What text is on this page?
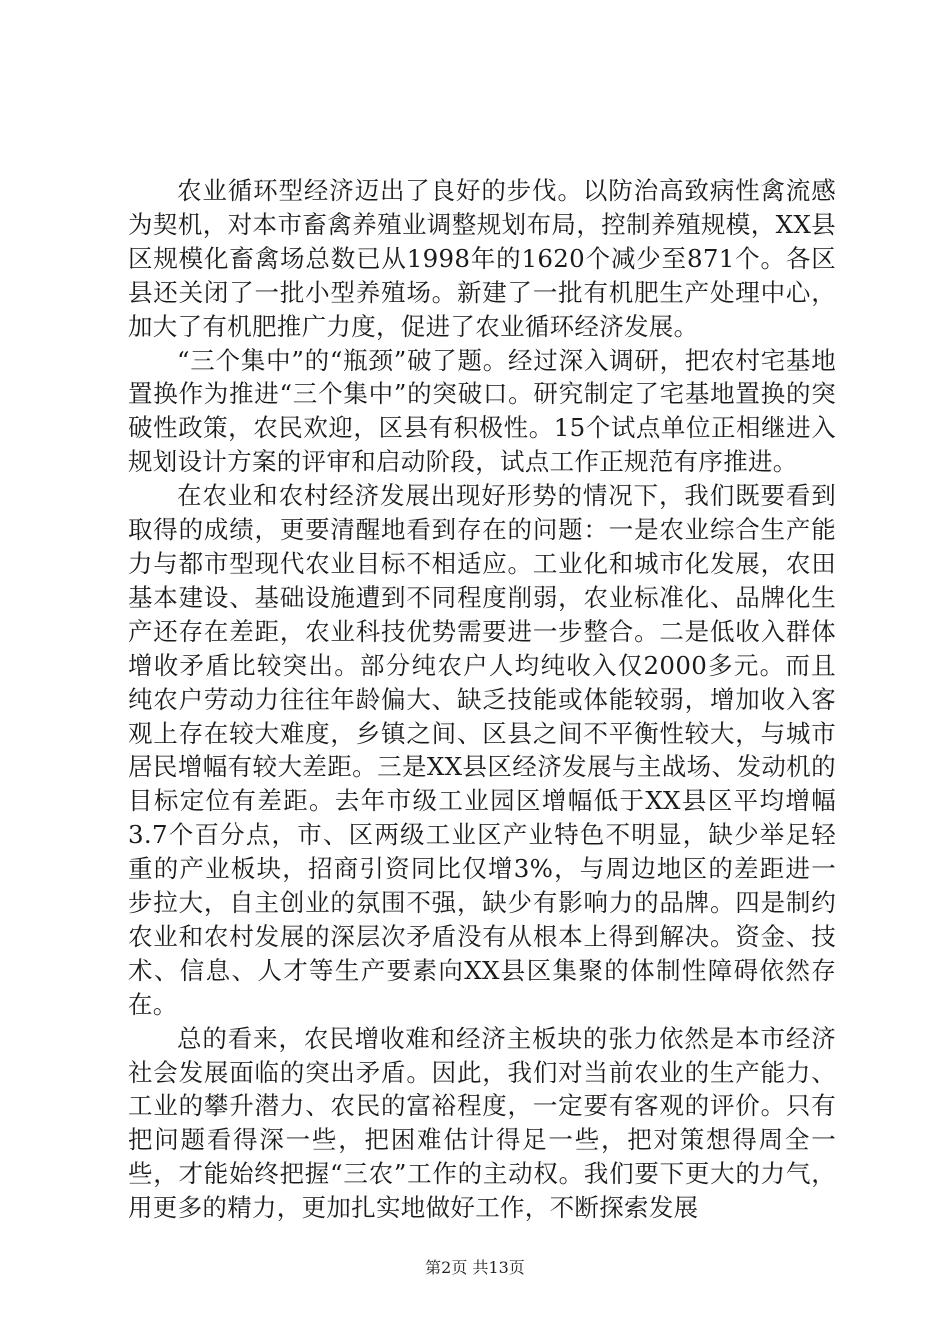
农业循环型经济迈出了良好的步伐。以防治高致病性禽流感为契机，对本市畜禽养殖业调整规划布局，控制养殖规模，XX县区规模化畜禽场总数已从1998年的1620个减少至871个。各区县还关闭了一批小型养殖场。新建了一批有机肥生产处理中心，加大了有机肥推广力度，促进了农业循环经济发展。

“三个集中”的“瓶颈”破了题。经过深入调研，把农村宅基地置换作为推进“三个集中”的突破口。研究制定了宅基地置换的突破性政策，农民欢迎，区县有积极性。15个试点单位正相继进入规划设计方案的评审和启动阶段，试点工作正规范有序推进。

在农业和农村经济发展出现好形势的情况下，我们既要看到取得的成绩，更要清醒地看到存在的问题：一是农业综合生产能力与都市型现代农业目标不相适应。工业化和城市化发展，农田基本建设、基础设施遭到不同程度削弱，农业标准化、品牌化生产还存在差距，农业科技优势需要进一步整合。二是低收入群体增收矛盾比较突出。部分纯农户人均纯收入仅2000多元。而且纯农户劳动力往往年龄偏大、缺乏技能或体能较弱，增加收入客观上存在较大难度，乡镇之间、区县之间不平衡性较大，与城市居民增幅有较大差距。三是XX县区经济发展与主战场、发动机的目标定位有差距。去年市级工业园区增幅低于XX县区平均增幅3.7个百分点，市、区两级工业区产业特色不明显，缺少举足轻重的产业板块，招商引资同比仅增3%，与周边地区的差距进一步拉大，自主创业的氛围不强，缺少有影响力的品牌。四是制约农业和农村发展的深层次矛盾没有从根本上得到解决。资金、技术、信息、人才等生产要素向XX县区集聚的体制性障碍依然存在。

总的看来，农民增收难和经济主板块的张力依然是本市经济社会发展面临的突出矛盾。因此，我们对当前农业的生产能力、工业的攀升潜力、农民的富裕程度，一定要有客观的评价。只有把问题看得深一些，把困难估计得足一些，把对策想得周全一些，才能始终把握“三农”工作的主动权。我们要下更大的力气，用更多的精力，更加扎实地做好工作，不断探索发展

第2页 共13页
